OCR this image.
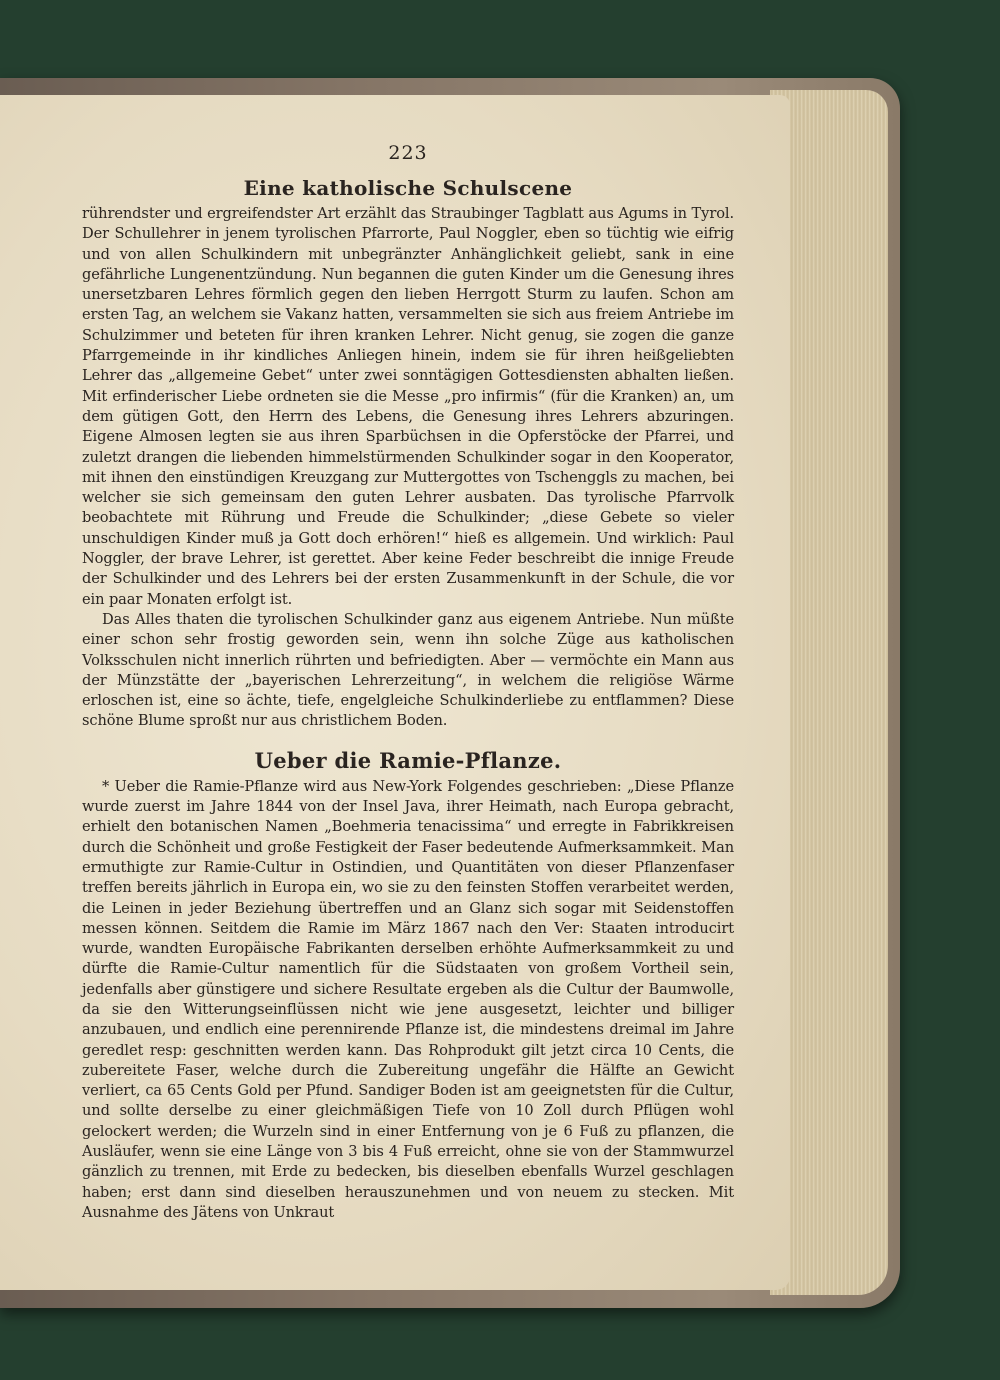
223
Eine katholische Schulscene

rührendster und ergreifendster Art erzählt das Straubinger Tagblatt aus Agums in Tyrol. Der Schullehrer in jenem tyrolischen Pfarrorte, Paul Noggler, eben so tüchtig wie eifrig und von allen Schulkindern mit unbegränzter Anhänglichkeit geliebt, sank in eine gefährliche Lungenentzündung. Nun begannen die guten Kinder um die Genesung ihres unersetzbaren Lehres förmlich gegen den lieben Herrgott Sturm zu laufen. Schon am ersten Tag, an welchem sie Vakanz hatten, versammelten sie sich aus freiem Antriebe im Schulzimmer und beteten für ihren kranken Lehrer. Nicht genug, sie zogen die ganze Pfarrgemeinde in ihr kindliches Anliegen hinein, indem sie für ihren heißgeliebten Lehrer das „allgemeine Gebet“ unter zwei sonntägigen Gottesdiensten abhalten ließen. Mit erfinderischer Liebe ordneten sie die Messe „pro infirmis“ (für die Kranken) an, um dem gütigen Gott, den Herrn des Lebens, die Genesung ihres Lehrers abzuringen. Eigene Almosen legten sie aus ihren Sparbüchsen in die Opferstöcke der Pfarrei, und zuletzt drangen die liebenden himmelstürmenden Schulkinder sogar in den Kooperator, mit ihnen den einstündigen Kreuzgang zur Muttergottes von Tschenggls zu machen, bei welcher sie sich gemeinsam den guten Lehrer ausbaten. Das tyrolische Pfarrvolk beobachtete mit Rührung und Freude die Schulkinder; „diese Gebete so vieler unschuldigen Kinder muß ja Gott doch erhören!“ hieß es allgemein. Und wirklich: Paul Noggler, der brave Lehrer, ist gerettet. Aber keine Feder beschreibt die innige Freude der Schulkinder und des Lehrers bei der ersten Zusammenkunft in der Schule, die vor ein paar Monaten erfolgt ist.

Das Alles thaten die tyrolischen Schulkinder ganz aus eigenem Antriebe. Nun müßte einer schon sehr frostig geworden sein, wenn ihn solche Züge aus katholischen Volksschulen nicht innerlich rührten und befriedigten. Aber — vermöchte ein Mann aus der Münzstätte der „bayerischen Lehrerzeitung“, in welchem die religiöse Wärme erloschen ist, eine so ächte, tiefe, engelgleiche Schulkinderliebe zu entflammen? Diese schöne Blume sproßt nur aus christlichem Boden.

Ueber die Ramie-Pflanze.

* Ueber die Ramie-Pflanze wird aus New-York Folgendes geschrieben: „Diese Pflanze wurde zuerst im Jahre 1844 von der Insel Java, ihrer Heimath, nach Europa gebracht, erhielt den botanischen Namen „Boehmeria tenacissima“ und erregte in Fabrikkreisen durch die Schönheit und große Festigkeit der Faser bedeutende Aufmerksammkeit. Man ermuthigte zur Ramie-Cultur in Ostindien, und Quantitäten von dieser Pflanzenfaser treffen bereits jährlich in Europa ein, wo sie zu den feinsten Stoffen verarbeitet werden, die Leinen in jeder Beziehung übertreffen und an Glanz sich sogar mit Seidenstoffen messen können. Seitdem die Ramie im März 1867 nach den Ver: Staaten introducirt wurde, wandten Europäische Fabrikanten derselben erhöhte Aufmerksammkeit zu und dürfte die Ramie-Cultur namentlich für die Südstaaten von großem Vortheil sein, jedenfalls aber günstigere und sichere Resultate ergeben als die Cultur der Baumwolle, da sie den Witterungseinflüssen nicht wie jene ausgesetzt, leichter und billiger anzubauen, und endlich eine perennirende Pflanze ist, die mindestens dreimal im Jahre geredlet resp: geschnitten werden kann. Das Rohprodukt gilt jetzt circa 10 Cents, die zubereitete Faser, welche durch die Zubereitung ungefähr die Hälfte an Gewicht verliert, ca 65 Cents Gold per Pfund. Sandiger Boden ist am geeignetsten für die Cultur, und sollte derselbe zu einer gleichmäßigen Tiefe von 10 Zoll durch Pflügen wohl gelockert werden; die Wurzeln sind in einer Entfernung von je 6 Fuß zu pflanzen, die Ausläufer, wenn sie eine Länge von 3 bis 4 Fuß erreicht, ohne sie von der Stammwurzel gänzlich zu trennen, mit Erde zu bedecken, bis dieselben ebenfalls Wurzel geschlagen haben; erst dann sind dieselben herauszunehmen und von neuem zu stecken. Mit Ausnahme des Jätens von Unkraut
